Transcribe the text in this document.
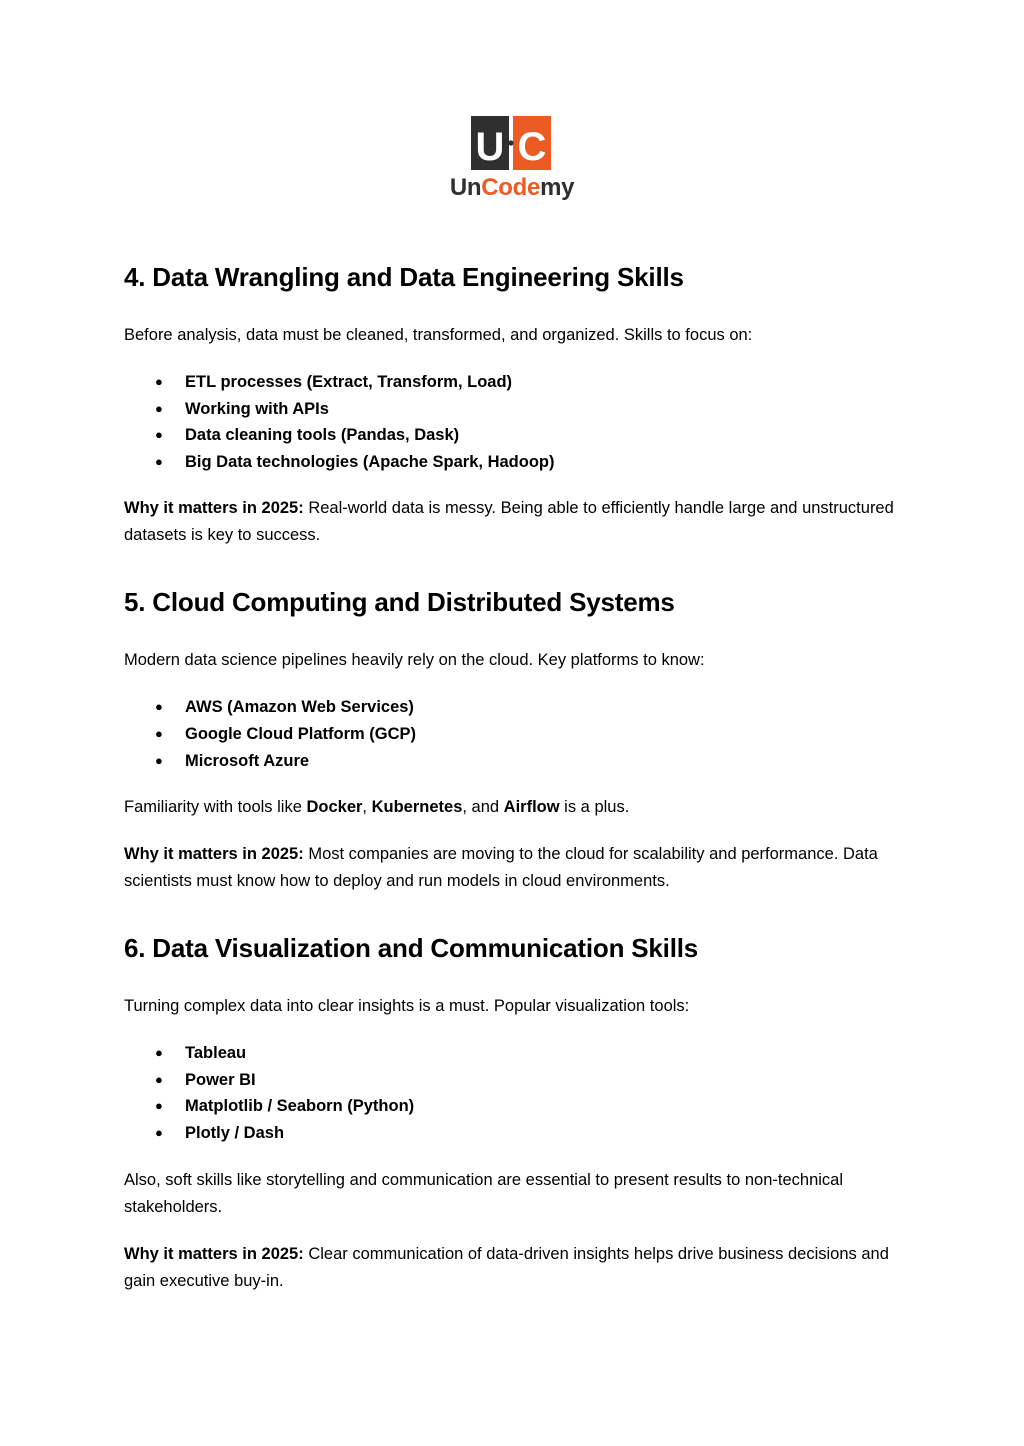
U C
UnCodemy
4. Data Wrangling and Data Engineering Skills

Before analysis, data must be cleaned, transformed, and organized. Skills to focus on:

● ETL processes (Extract, Transform, Load)
● Working with APIs
● Data cleaning tools (Pandas, Dask)
● Big Data technologies (Apache Spark, Hadoop)

Why it matters in 2025: Real-world data is messy. Being able to efficiently handle large and unstructured datasets is key to success.

5. Cloud Computing and Distributed Systems

Modern data science pipelines heavily rely on the cloud. Key platforms to know:

● AWS (Amazon Web Services)
● Google Cloud Platform (GCP)
● Microsoft Azure

Familiarity with tools like Docker, Kubernetes, and Airflow is a plus.

Why it matters in 2025: Most companies are moving to the cloud for scalability and performance. Data scientists must know how to deploy and run models in cloud environments.

6. Data Visualization and Communication Skills

Turning complex data into clear insights is a must. Popular visualization tools:

● Tableau
● Power BI
● Matplotlib / Seaborn (Python)
● Plotly / Dash

Also, soft skills like storytelling and communication are essential to present results to non-technical stakeholders.

Why it matters in 2025: Clear communication of data-driven insights helps drive business decisions and gain executive buy-in.
